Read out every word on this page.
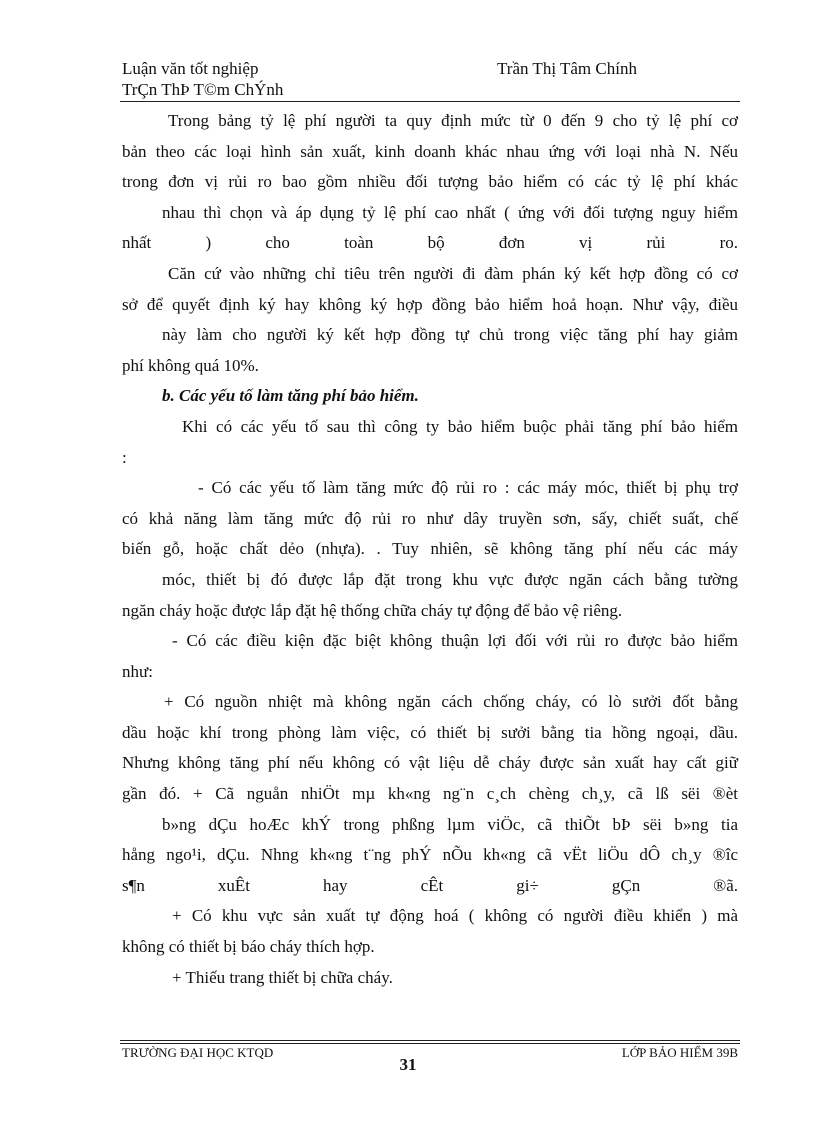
Luận văn tốt nghiệp	Trần Thị Tâm Chính
TrÇn ThÞ T©m ChÝnh
Trong bảng tỷ lệ phí người ta quy định mức từ 0 đến 9 cho tỷ lệ phí cơ
bản theo các loại hình sản xuất, kinh doanh khác nhau ứng với loại nhà N. Nếu
trong đơn vị rủi ro bao gồm nhiều đối tượng bảo hiểm có các tỷ lệ phí khác
nhau thì chọn và áp dụng tỷ lệ phí cao nhất ( ứng với đối tượng nguy hiểm
nhất ) cho toàn bộ đơn vị rủi ro.
Căn cứ vào những chỉ tiêu trên người đi đàm phán ký kết hợp đồng có cơ
sở để quyết định ký hay không ký hợp đồng bảo hiểm hoả hoạn. Như vậy, điều
này làm cho người ký kết hợp đồng tự chủ trong việc tăng phí hay giảm
phí không quá 10%.
b. Các yếu tố làm tăng phí bảo hiểm.
Khi có các yếu tố sau thì công ty bảo hiểm buộc phải tăng phí bảo hiểm
:
- Có các yếu tố làm tăng mức độ rủi ro : các máy móc, thiết bị phụ trợ
có khả năng làm tăng mức độ rủi ro như dây truyền sơn, sấy, chiết suất, chế
biến gỗ, hoặc chất dẻo (nhựa). . Tuy nhiên, sẽ không tăng phí nếu các máy
móc, thiết bị đó được lắp đặt trong khu vực được ngăn cách bằng tường
ngăn cháy hoặc được lắp đặt hệ thống chữa cháy tự động để bảo vệ riêng.
- Có các điều kiện đặc biệt không thuận lợi đối với rủi ro được bảo hiểm
như:
+ Có nguồn nhiệt mà không ngăn cách chống cháy, có lò sưởi đốt bằng
dầu hoặc khí trong phòng làm việc, có thiết bị sưởi bằng tia hồng ngoại, dầu.
Nhưng không tăng phí nếu không có vật liệu dễ cháy được sản xuất hay cất giữ
gần đó. + Cã nguån nhiÖt mµ kh«ng ng¨n c¸ch chèng ch¸y, cã lß sëi ®èt
b»ng dÇu hoÆc khÝ trong phßng lµm viÖc, cã thiÕt bÞ sëi b»ng tia
hång ngo¹i, dÇu. Nhng kh«ng t¨ng phÝ nÕu kh«ng cã vËt liÖu dÔ ch¸y ®îc
s¶n xuÊt hay cÊt gi÷ gÇn ®ã.
+ Có khu vực sản xuất tự động hoá ( không có người điều khiển ) mà
không có thiết bị báo cháy thích hợp.
+ Thiếu trang thiết bị chữa cháy.
TRƯỜNG ĐẠI HỌC KTQD	LỚP BẢO HIỂM 39B
31
